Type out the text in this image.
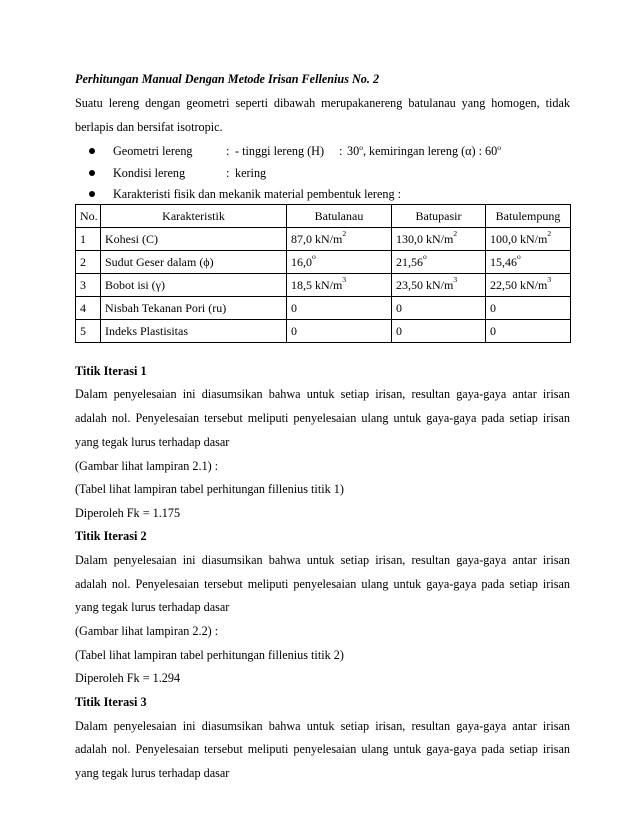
Perhitungan Manual Dengan Metode Irisan Fellenius No. 2
Suatu lereng dengan geometri seperti dibawah merupakanereng batulanau yang homogen, tidak
berlapis dan bersifat isotropic.
Geometri lereng	: - tinggi lereng (H) : 30$^o$, kemiringan lereng (α) : 60$^o$
Kondisi lereng	: kering
Karakteristi fisik dan mekanik material pembentuk lereng :
No.	Karakteristik	Batulanau	Batupasir	Batulempung
1	Kohesi (C)	87,0 $kN/m^2$	130,0 $kN/m^2$	100,0 $kN/m^2$
2	Sudut Geser dalam (ϕ)	16,0$^o$	21,56$^o$	15,46$^o$
3	Bobot isi (γ)	18,5 $kN/m^3$	23,50 $kN/m^3$	22,50 $kN/m^3$
4	Nisbah Tekanan Pori (ru)	0	0	0
5	Indeks Plastisitas	0	0	0
Titik Iterasi 1
Dalam penyelesaian ini diasumsikan bahwa untuk setiap irisan, resultan gaya-gaya antar irisan
adalah nol. Penyelesaian tersebut meliputi penyelesaian ulang untuk gaya-gaya pada setiap irisan
yang tegak lurus terhadap dasar
(Gambar lihat lampiran 2.1) :
(Tabel lihat lampiran tabel perhitungan fillenius titik 1)
Diperoleh Fk = 1.175
Titik Iterasi 2
Dalam penyelesaian ini diasumsikan bahwa untuk setiap irisan, resultan gaya-gaya antar irisan
adalah nol. Penyelesaian tersebut meliputi penyelesaian ulang untuk gaya-gaya pada setiap irisan
yang tegak lurus terhadap dasar
(Gambar lihat lampiran 2.2) :
(Tabel lihat lampiran tabel perhitungan fillenius titik 2)
Diperoleh Fk = 1.294
Titik Iterasi 3
Dalam penyelesaian ini diasumsikan bahwa untuk setiap irisan, resultan gaya-gaya antar irisan
adalah nol. Penyelesaian tersebut meliputi penyelesaian ulang untuk gaya-gaya pada setiap irisan
yang tegak lurus terhadap dasar
